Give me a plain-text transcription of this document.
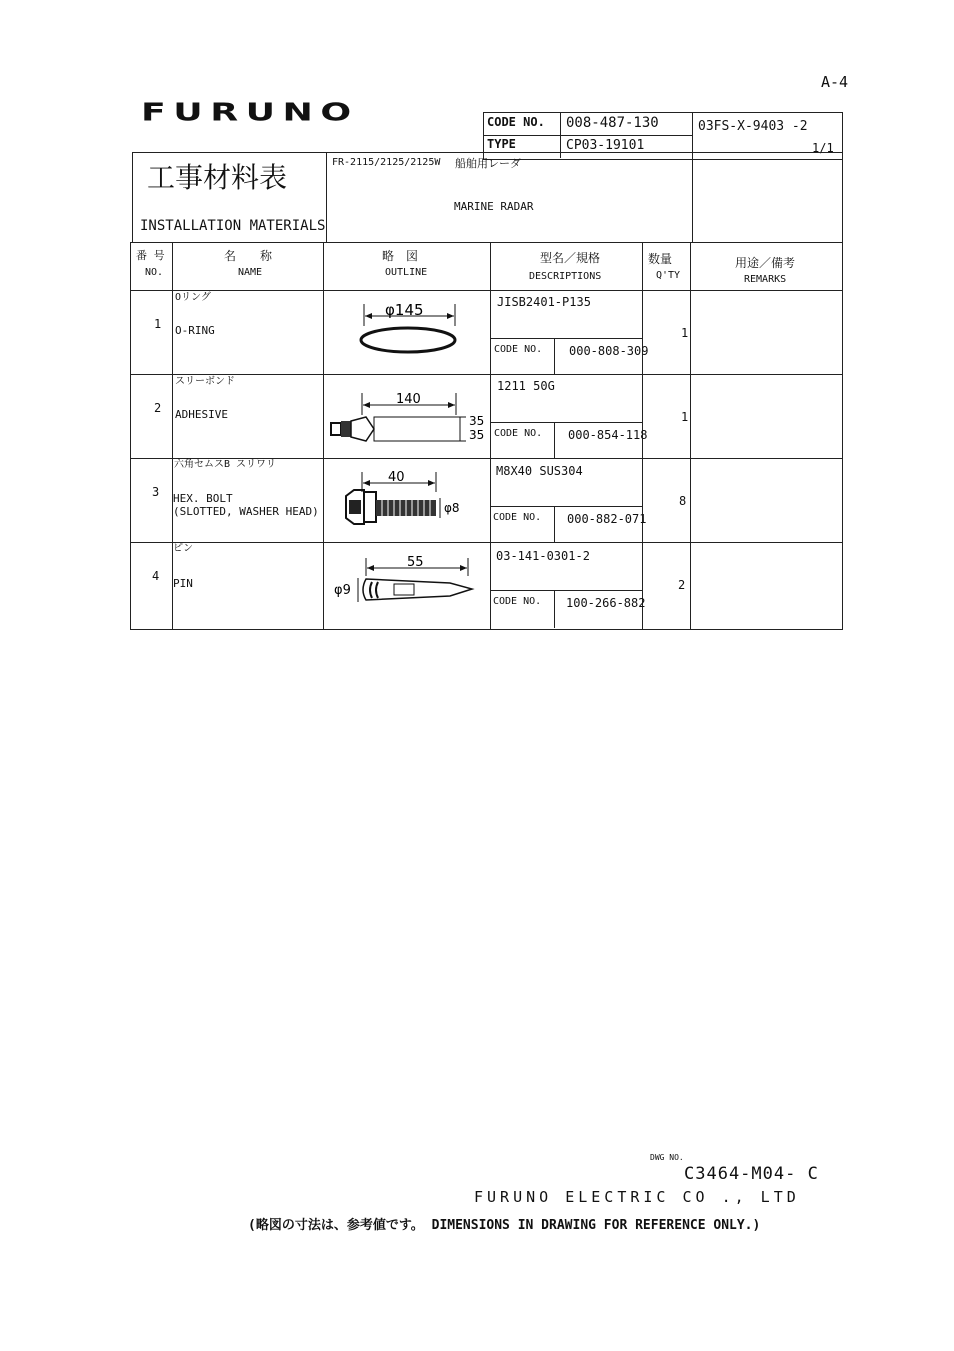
A-4
FURUNO	CODE NO. 008-487-130
TYPE	CP03-19101
03FS-X-9403 -2
1/1
工事材料表
INSTALLATION MATERIALS
FR-2115/2125/2125W 船舶用レーダ
MARINE RADAR
番 号
NO.
名　　称
NAME
略　図
OUTLINE
型名／規格
DESCRIPTIONS
数量
Q'TY
用途／備考
REMARKS
1
Oリング
O-RING
JISB2401-P135
CODE NO. 000-808-309
1
φ145
2
スリーボンド
ADHESIVE
1211 50G
CODE NO. 000-854-118
1
140
35
35
3
六角セムスB スリワリ
HEX. BOLT
(SLOTTED, WASHER HEAD)
M8X40 SUS304
CODE NO. 000-882-071
8
40
φ8
4
ピン
PIN
03-141-0301-2
CODE NO. 100-266-882
2
55
φ9
DWG NO.
C3464-M04- C
FURUNO ELECTRIC CO ., LTD
(略図の寸法は、参考値です。 DIMENSIONS IN DRAWING FOR REFERENCE ONLY.)
